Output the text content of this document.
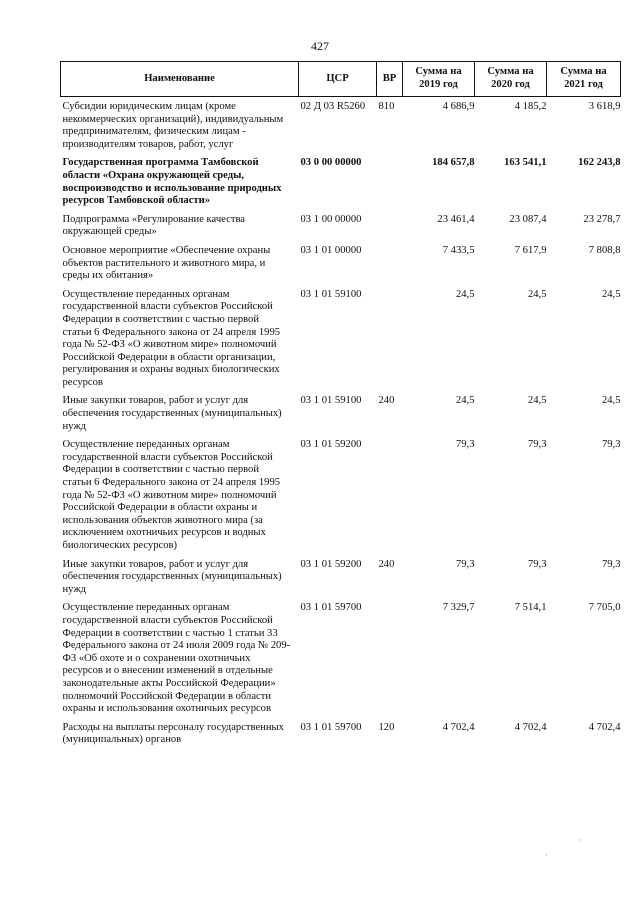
427
Наименование	ЦСР	ВР	Сумма на 2019 год	Сумма на 2020 год	Сумма на 2021 год
Субсидии юридическим лицам (кроме некоммерческих организаций), индивидуальным предпринимателям, физическим лицам - производителям товаров, работ, услуг	02 Д 03 R5260	810	4 686,9	4 185,2	3 618,9
Государственная программа Тамбовской области «Охрана окружающей среды, воспроизводство и использование природных ресурсов Тамбовской области»	03 0 00 00000		184 657,8	163 541,1	162 243,8
Подпрограмма «Регулирование качества окружающей среды»	03 1 00 00000		23 461,4	23 087,4	23 278,7
Основное мероприятие «Обеспечение охраны объектов растительного и животного мира, и среды их обитания»	03 1 01 00000		7 433,5	7 617,9	7 808,8
Осуществление переданных органам государственной власти субъектов Российской Федерации в соответствии с частью первой статьи 6 Федерального закона от 24 апреля 1995 года № 52-ФЗ «О животном мире» полномочий Российской Федерации в области организации, регулирования и охраны водных биологических ресурсов	03 1 01 59100		24,5	24,5	24,5
Иные закупки товаров, работ и услуг для обеспечения государственных (муниципальных) нужд	03 1 01 59100	240	24,5	24,5	24,5
Осуществление переданных органам государственной власти субъектов Российской Федерации в соответствии с частью первой статьи 6 Федерального закона от 24 апреля 1995 года № 52-ФЗ «О животном мире» полномочий Российской Федерации в области охраны и использования объектов животного мира (за исключением охотничьих ресурсов и водных биологических ресурсов)	03 1 01 59200		79,3	79,3	79,3
Иные закупки товаров, работ и услуг для обеспечения государственных (муниципальных) нужд	03 1 01 59200	240	79,3	79,3	79,3
Осуществление переданных органам государственной власти субъектов Российской Федерации в соответствии с частью 1 статьи 33 Федерального закона от 24 июля 2009 года № 209-ФЗ «Об охоте и о сохранении охотничьих ресурсов и о внесении изменений в отдельные законодательные акты Российской Федерации» полномочий Российской Федерации в области охраны и использования охотничьих ресурсов	03 1 01 59700		7 329,7	7 514,1	7 705,0
Расходы на выплаты персоналу государственных (муниципальных) органов	03 1 01 59700	120	4 702,4	4 702,4	4 702,4
·
·
